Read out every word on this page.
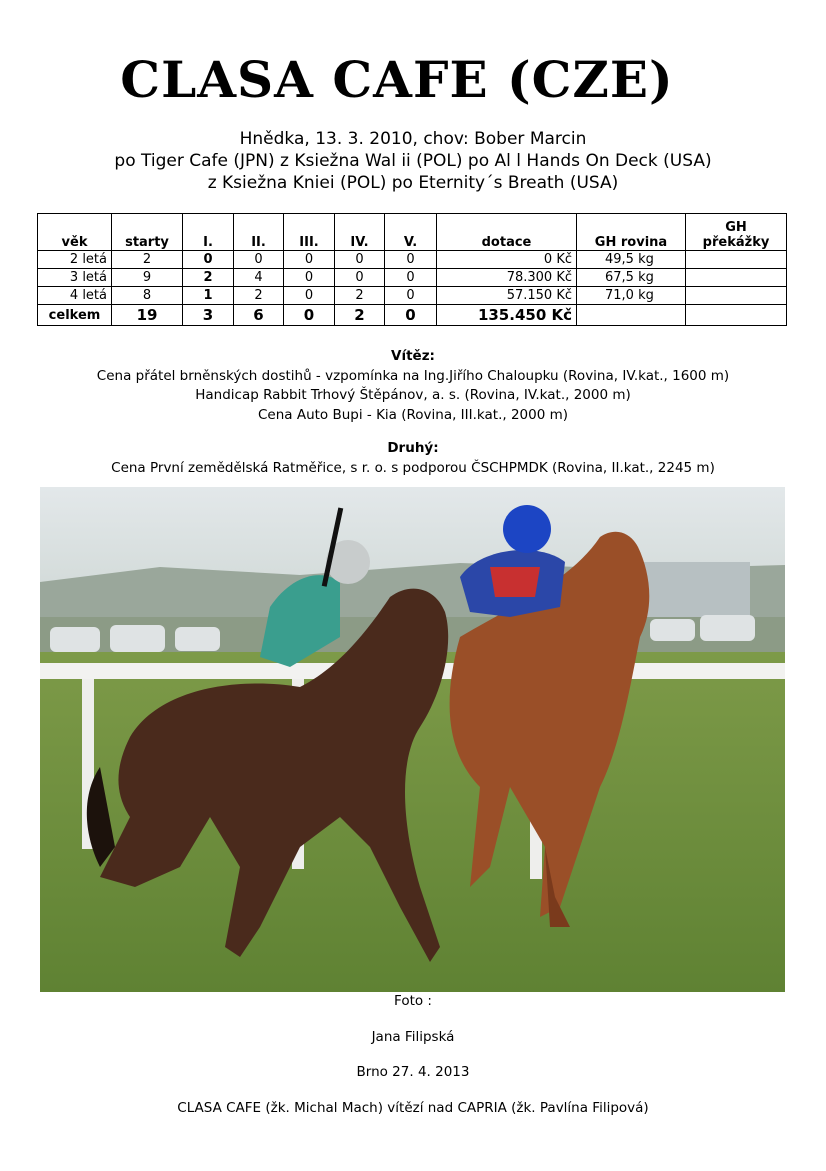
CLASA CAFE (CZE)
Hnědka, 13. 3. 2010, chov: Bober Marcin
po Tiger Cafe (JPN) z Ksiežna Wal ii (POL) po Al l Hands On Deck (USA)
z Ksiežna Kniei (POL) po Eternity´s Breath (USA)
věk	starty	I.	II.	III.	IV.	V.	dotace	GH rovina	GH překážky
2 letá	2	0	0	0	0	0	0 Kč	49,5 kg	
3 letá	9	2	4	0	0	0	78.300 Kč	67,5 kg	
4 letá	8	1	2	0	2	0	57.150 Kč	71,0 kg	
celkem	19	3	6	0	2	0	135.450 Kč		
Vítěz:
Cena přátel brněnských dostihů - vzpomínka na Ing.Jiřího Chaloupku (Rovina, IV.kat., 1600 m)
Handicap Rabbit Trhový Štěpánov, a. s. (Rovina, IV.kat., 2000 m)
Cena Auto Bupi - Kia (Rovina, III.kat., 2000 m)
Druhý:
Cena První zemědělská Ratměřice, s r. o. s podporou ČSCHPMDK (Rovina, II.kat., 2245 m)
Foto :
Jana Filipská
Brno 27. 4. 2013
CLASA CAFE (žk. Michal Mach) vítězí nad CAPRIA (žk. Pavlína Filipová)
